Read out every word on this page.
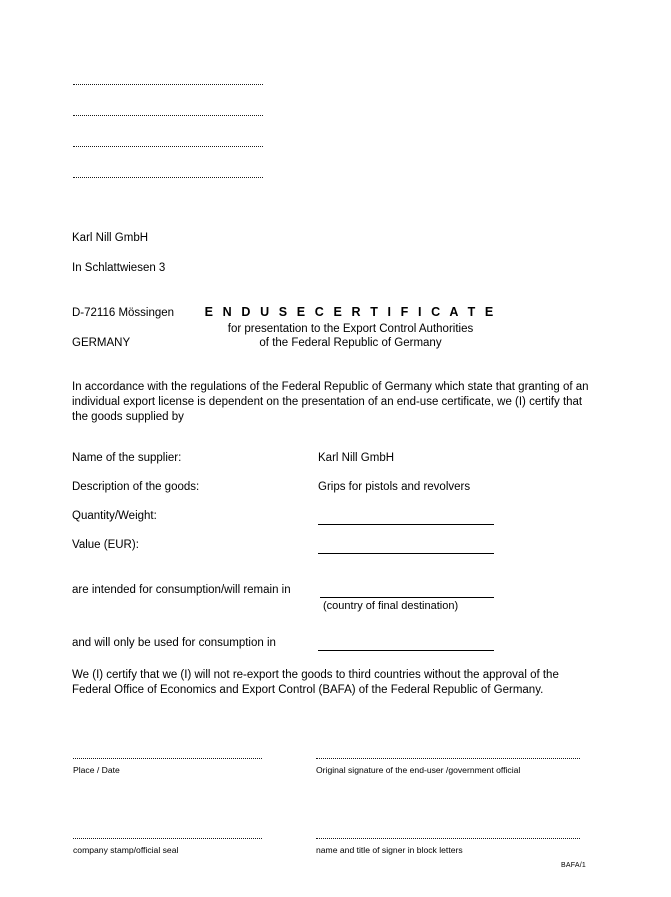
Karl Nill GmbH

In Schlattwiesen 3

D-72116 Mössingen

GERMANY

E N D U S E C E R T I F I C A T E
for presentation to the Export Control Authorities
of the Federal Republic of Germany
In accordance with the regulations of the Federal Republic of Germany which state that granting of an individual export license is dependent on the presentation of an end-use certificate, we (I) certify that the goods supplied by
Name of the supplier:	Karl Nill GmbH
Description of the goods:	Grips for pistols and revolvers
Quantity/Weight:
Value (EUR):
are intended for consumption/will remain in
(country of final destination)
and will only be used for consumption in
We (I) certify that we (I) will not re-export the goods to third countries without the approval of the Federal Office of Economics and Export Control (BAFA) of the Federal Republic of Germany.
Place / Date	Original signature of the end-user /government official
company stamp/official seal	name and title of signer in block letters
BAFA/1
